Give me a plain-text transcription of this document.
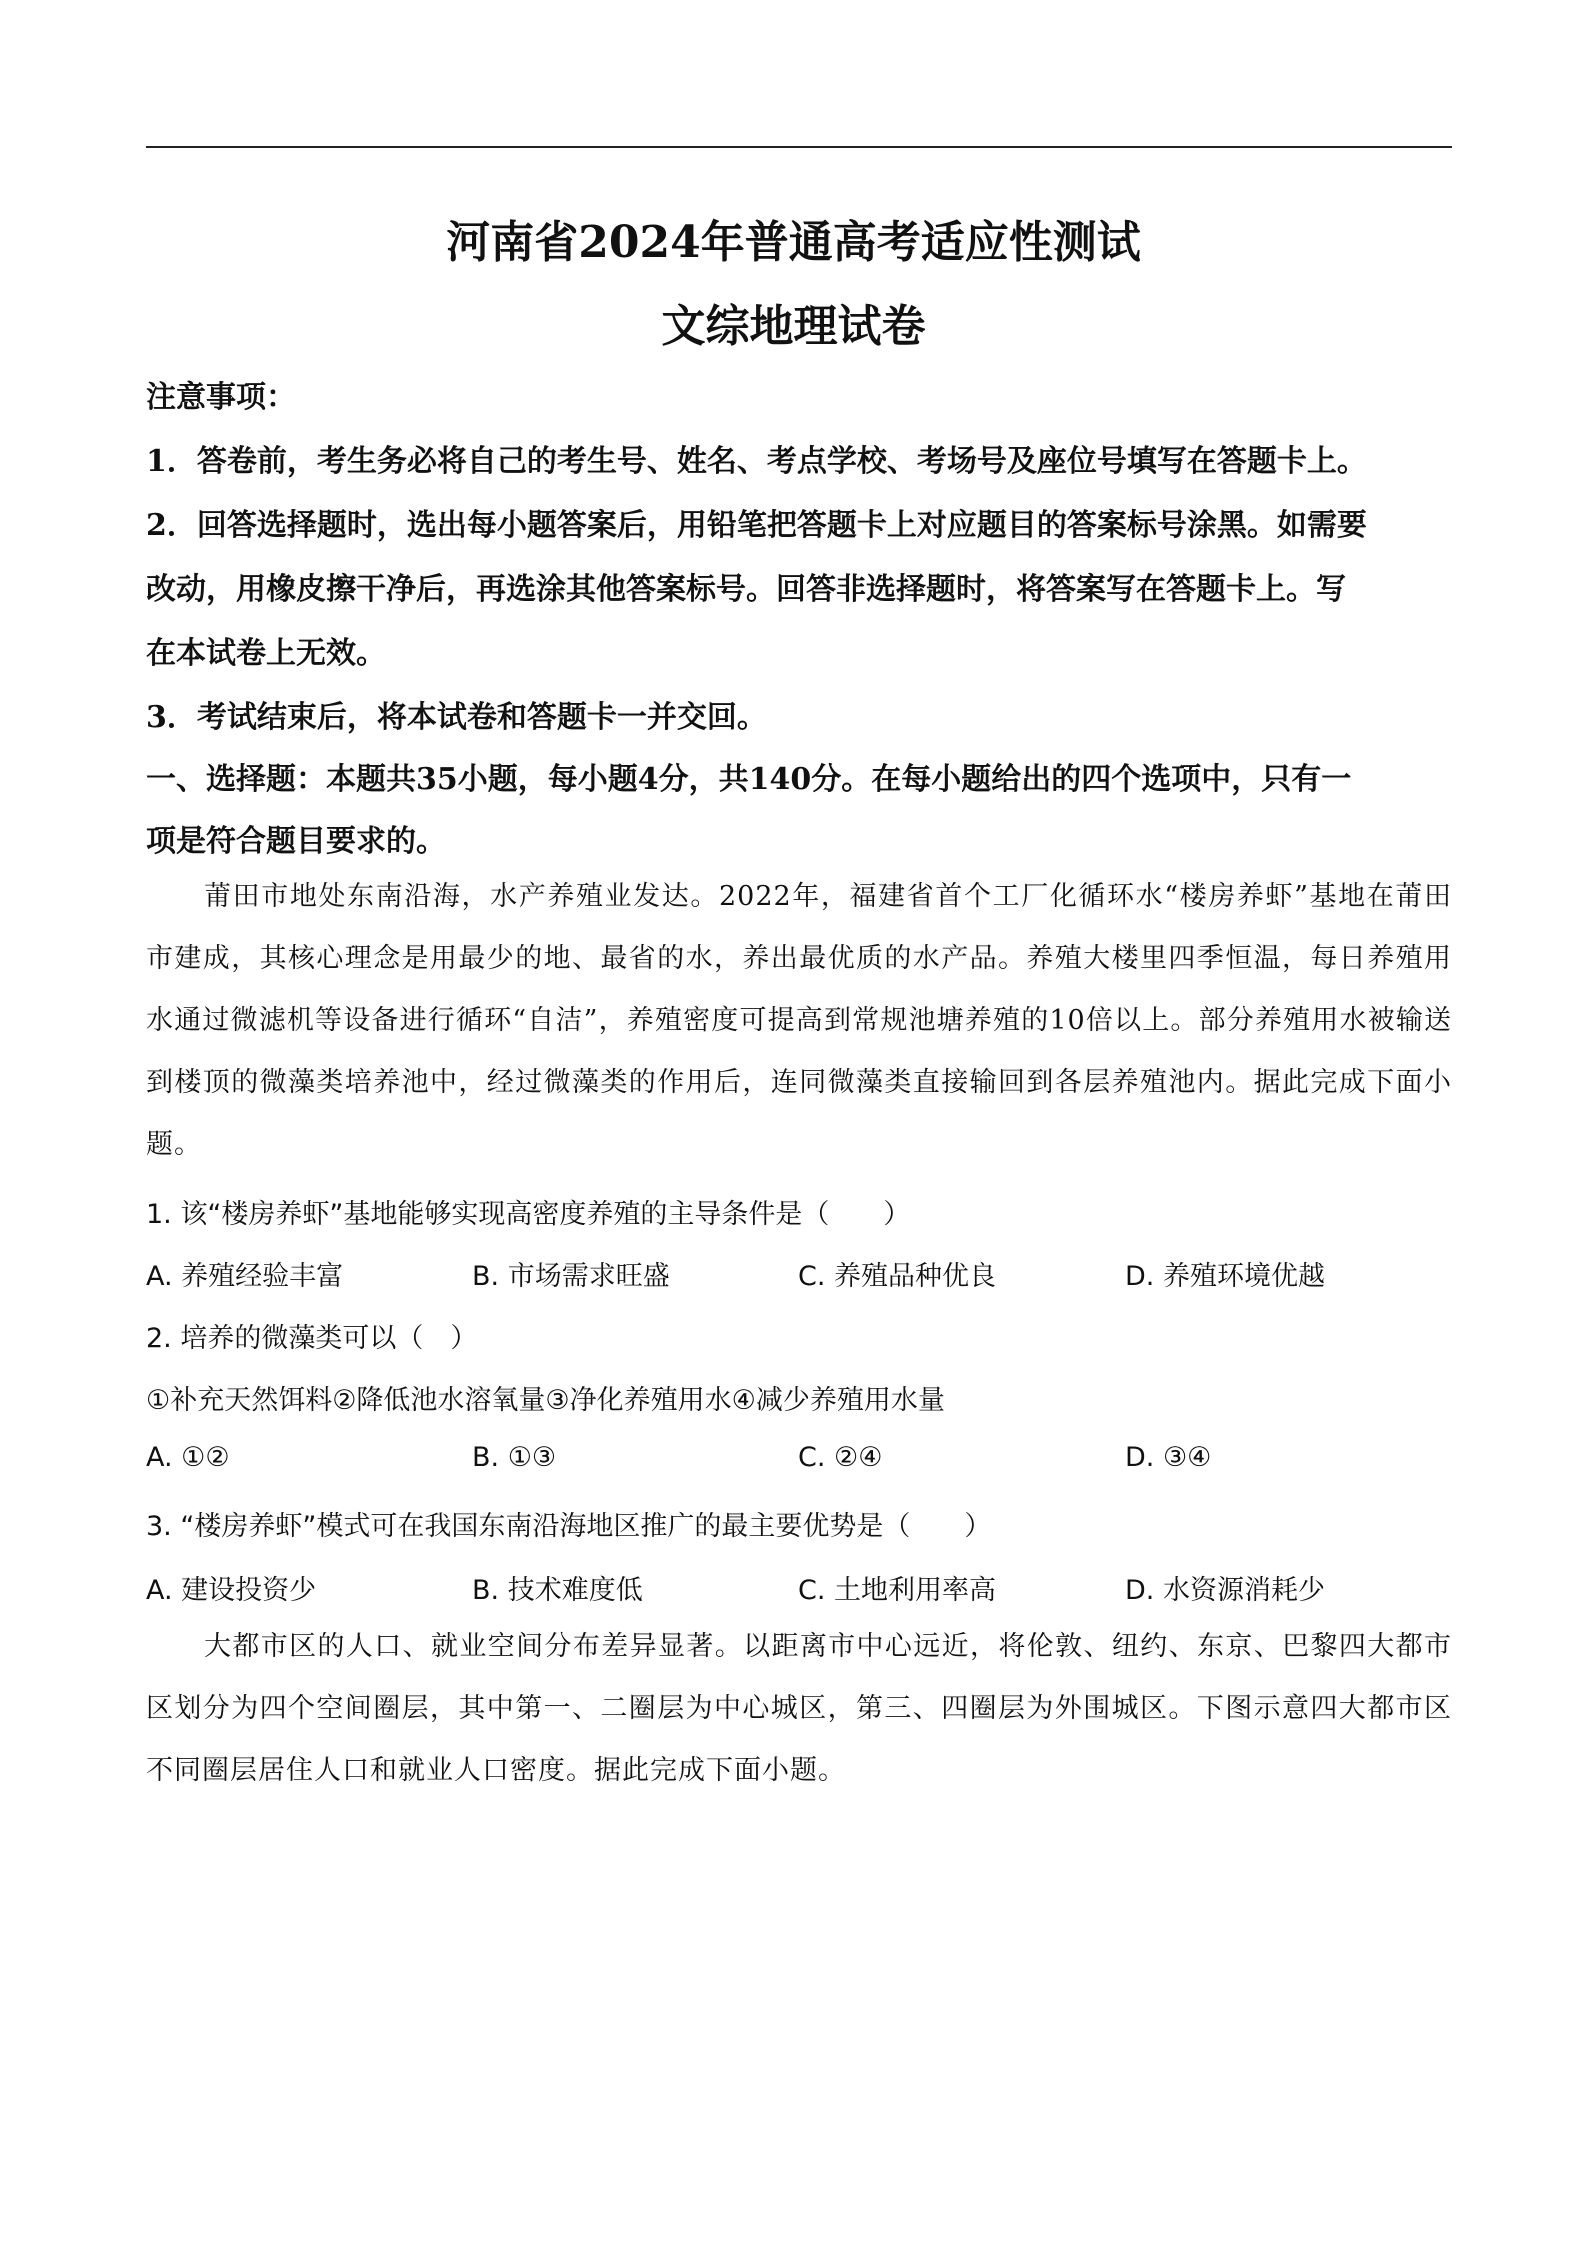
河南省2024年普通高考适应性测试
文综地理试卷
注意事项：
1．答卷前，考生务必将自己的考生号、姓名、考点学校、考场号及座位号填写在答题卡上。
2．回答选择题时，选出每小题答案后，用铅笔把答题卡上对应题目的答案标号涂黑。如需要
改动，用橡皮擦干净后，再选涂其他答案标号。回答非选择题时，将答案写在答题卡上。写
在本试卷上无效。
3．考试结束后，将本试卷和答题卡一并交回。
一、选择题：本题共35小题，每小题4分，共140分。在每小题给出的四个选项中，只有一
项是符合题目要求的。

莆田市地处东南沿海，水产养殖业发达。2022年，福建省首个工厂化循环水“楼房养虾”基地在莆田市建成，其核心理念是用最少的地、最省的水，养出最优质的水产品。养殖大楼里四季恒温，每日养殖用水通过微滤机等设备进行循环“自洁”，养殖密度可提高到常规池塘养殖的10倍以上。部分养殖用水被输送到楼顶的微藻类培养池中，经过微藻类的作用后，连同微藻类直接输回到各层养殖池内。据此完成下面小题。

1. 该“楼房养虾”基地能够实现高密度养殖的主导条件是（　　）
A. 养殖经验丰富	B. 市场需求旺盛	C. 养殖品种优良	D. 养殖环境优越
2. 培养的微藻类可以（　）
①补充天然饵料②降低池水溶氧量③净化养殖用水④减少养殖用水量
A. ①②	B. ①③	C. ②④	D. ③④
3. “楼房养虾”模式可在我国东南沿海地区推广的最主要优势是（　　）
A. 建设投资少	B. 技术难度低	C. 土地利用率高	D. 水资源消耗少

大都市区的人口、就业空间分布差异显著。以距离市中心远近，将伦敦、纽约、东京、巴黎四大都市区划分为四个空间圈层，其中第一、二圈层为中心城区，第三、四圈层为外围城区。下图示意四大都市区不同圈层居住人口和就业人口密度。据此完成下面小题。
